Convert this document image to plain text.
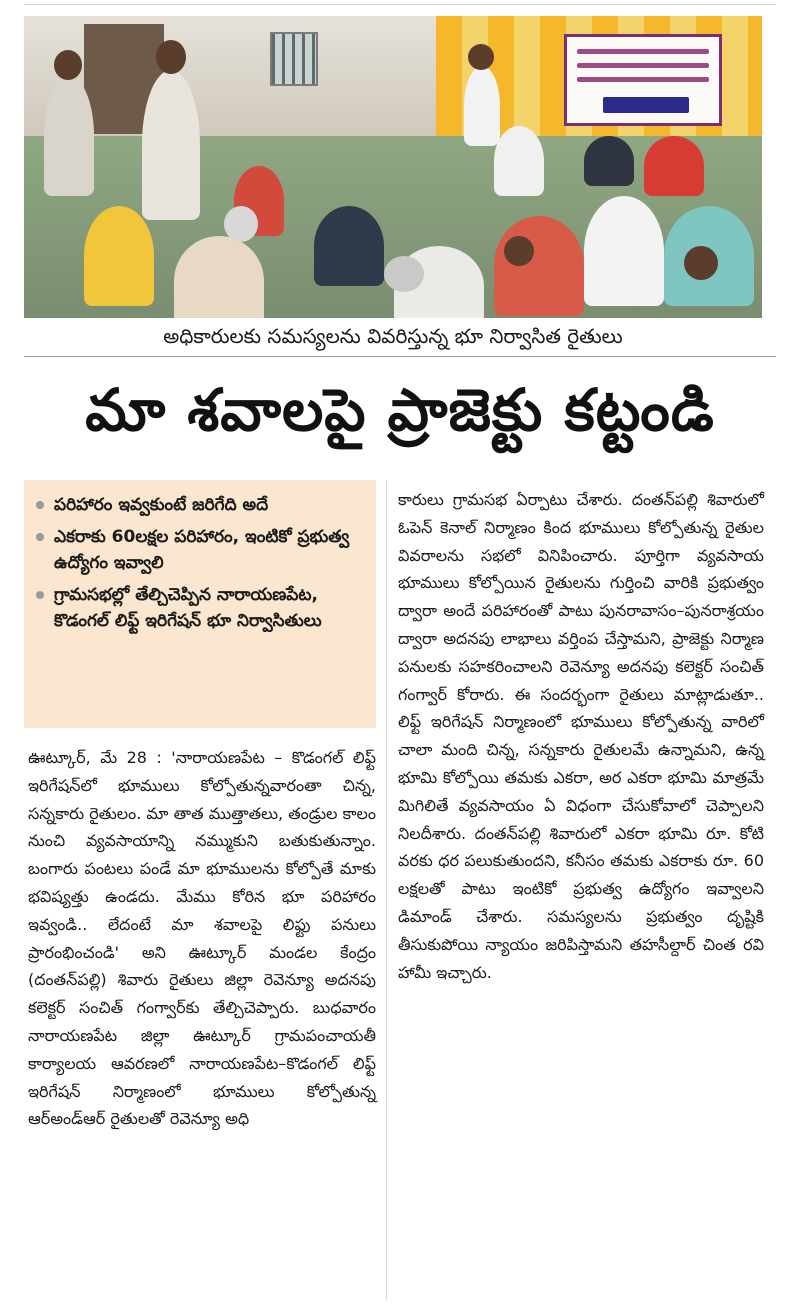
అధికారులకు సమస్యలను వివరిస్తున్న భూ నిర్వాసిత రైతులు
మా శవాలపై ప్రాజెక్టు కట్టండి
పరిహారం ఇవ్వకుంటే జరిగేది అదే
ఎకరాకు 60లక్షల పరిహారం, ఇంటికో ప్రభుత్వ ఉద్యోగం ఇవ్వాలి
గ్రామసభల్లో తేల్చిచెప్పిన నారాయణపేట, కొడంగల్ లిఫ్ట్ ఇరిగేషన్ భూ నిర్వాసితులు
ఊట్కూర్, మే 28 : 'నారాయణపేట – కొడంగల్ లిఫ్ట్ ఇరిగేషన్‌లో భూములు కోల్పోతున్నవారంతా చిన్న, సన్నకారు రైతులం. మా తాత ముత్తాతలు, తండ్రుల కాలం నుంచి వ్యవసాయాన్ని నమ్ముకుని బతుకుతున్నాం. బంగారు పంటలు పండే మా భూములను కోల్పోతే మాకు భవిష్యత్తు ఉండదు. మేము కోరిన భూ పరిహారం ఇవ్వండి.. లేదంటే మా శవాలపై లిఫ్టు పనులు ప్రారంభించండి' అని ఊట్కూర్ మండల కేంద్రం (దంతన్‌పల్లి) శివారు రైతులు జిల్లా రెవెన్యూ అదనపు కలెక్టర్ సంచిత్ గంగ్వార్‌కు తేల్చిచెప్పారు. బుధవారం నారాయణపేట జిల్లా ఊట్కూర్ గ్రామపంచాయతీ కార్యాలయ ఆవరణలో నారాయణపేట–కొడంగల్ లిఫ్ట్ ఇరిగేషన్ నిర్మాణంలో భూములు కోల్పోతున్న ఆర్‌అండ్‌ఆర్ రైతులతో రెవెన్యూ అధి
కారులు గ్రామసభ ఏర్పాటు చేశారు. దంతన్‌పల్లి శివారులో ఓపెన్ కెనాల్ నిర్మాణం కింద భూములు కోల్పోతున్న రైతుల వివరాలను సభలో వినిపించారు. పూర్తిగా వ్యవసాయ భూములు కోల్పోయిన రైతులను గుర్తించి వారికి ప్రభుత్వం ద్వారా అందే పరిహారంతో పాటు పునరావాసం–పునరాశ్రయం ద్వారా అదనపు లాభాలు వర్తింప చేస్తామని, ప్రాజెక్టు నిర్మాణ పనులకు సహకరించాలని రెవెన్యూ అదనపు కలెక్టర్ సంచిత్ గంగ్వార్ కోరారు. ఈ సందర్భంగా రైతులు మాట్లాడుతూ.. లిఫ్ట్ ఇరిగేషన్ నిర్మాణంలో భూములు కోల్పోతున్న వారిలో చాలా మంది చిన్న, సన్నకారు రైతులమే ఉన్నామని, ఉన్న భూమి కోల్పోయి తమకు ఎకరా, అర ఎకరా భూమి మాత్రమే మిగిలితే వ్యవసాయం ఏ విధంగా చేసుకోవాలో చెప్పాలని నిలదీశారు. దంతన్‌పల్లి శివారులో ఎకరా భూమి రూ. కోటి వరకు ధర పలుకుతుందని, కనీసం తమకు ఎకరాకు రూ. 60 లక్షలతో పాటు ఇంటికో ప్రభుత్వ ఉద్యోగం ఇవ్వాలని డిమాండ్ చేశారు. సమస్యలను ప్రభుత్వం దృష్టికి తీసుకుపోయి న్యాయం జరిపిస్తామని తహసీల్దార్ చింత రవి హామీ ఇచ్చారు.
